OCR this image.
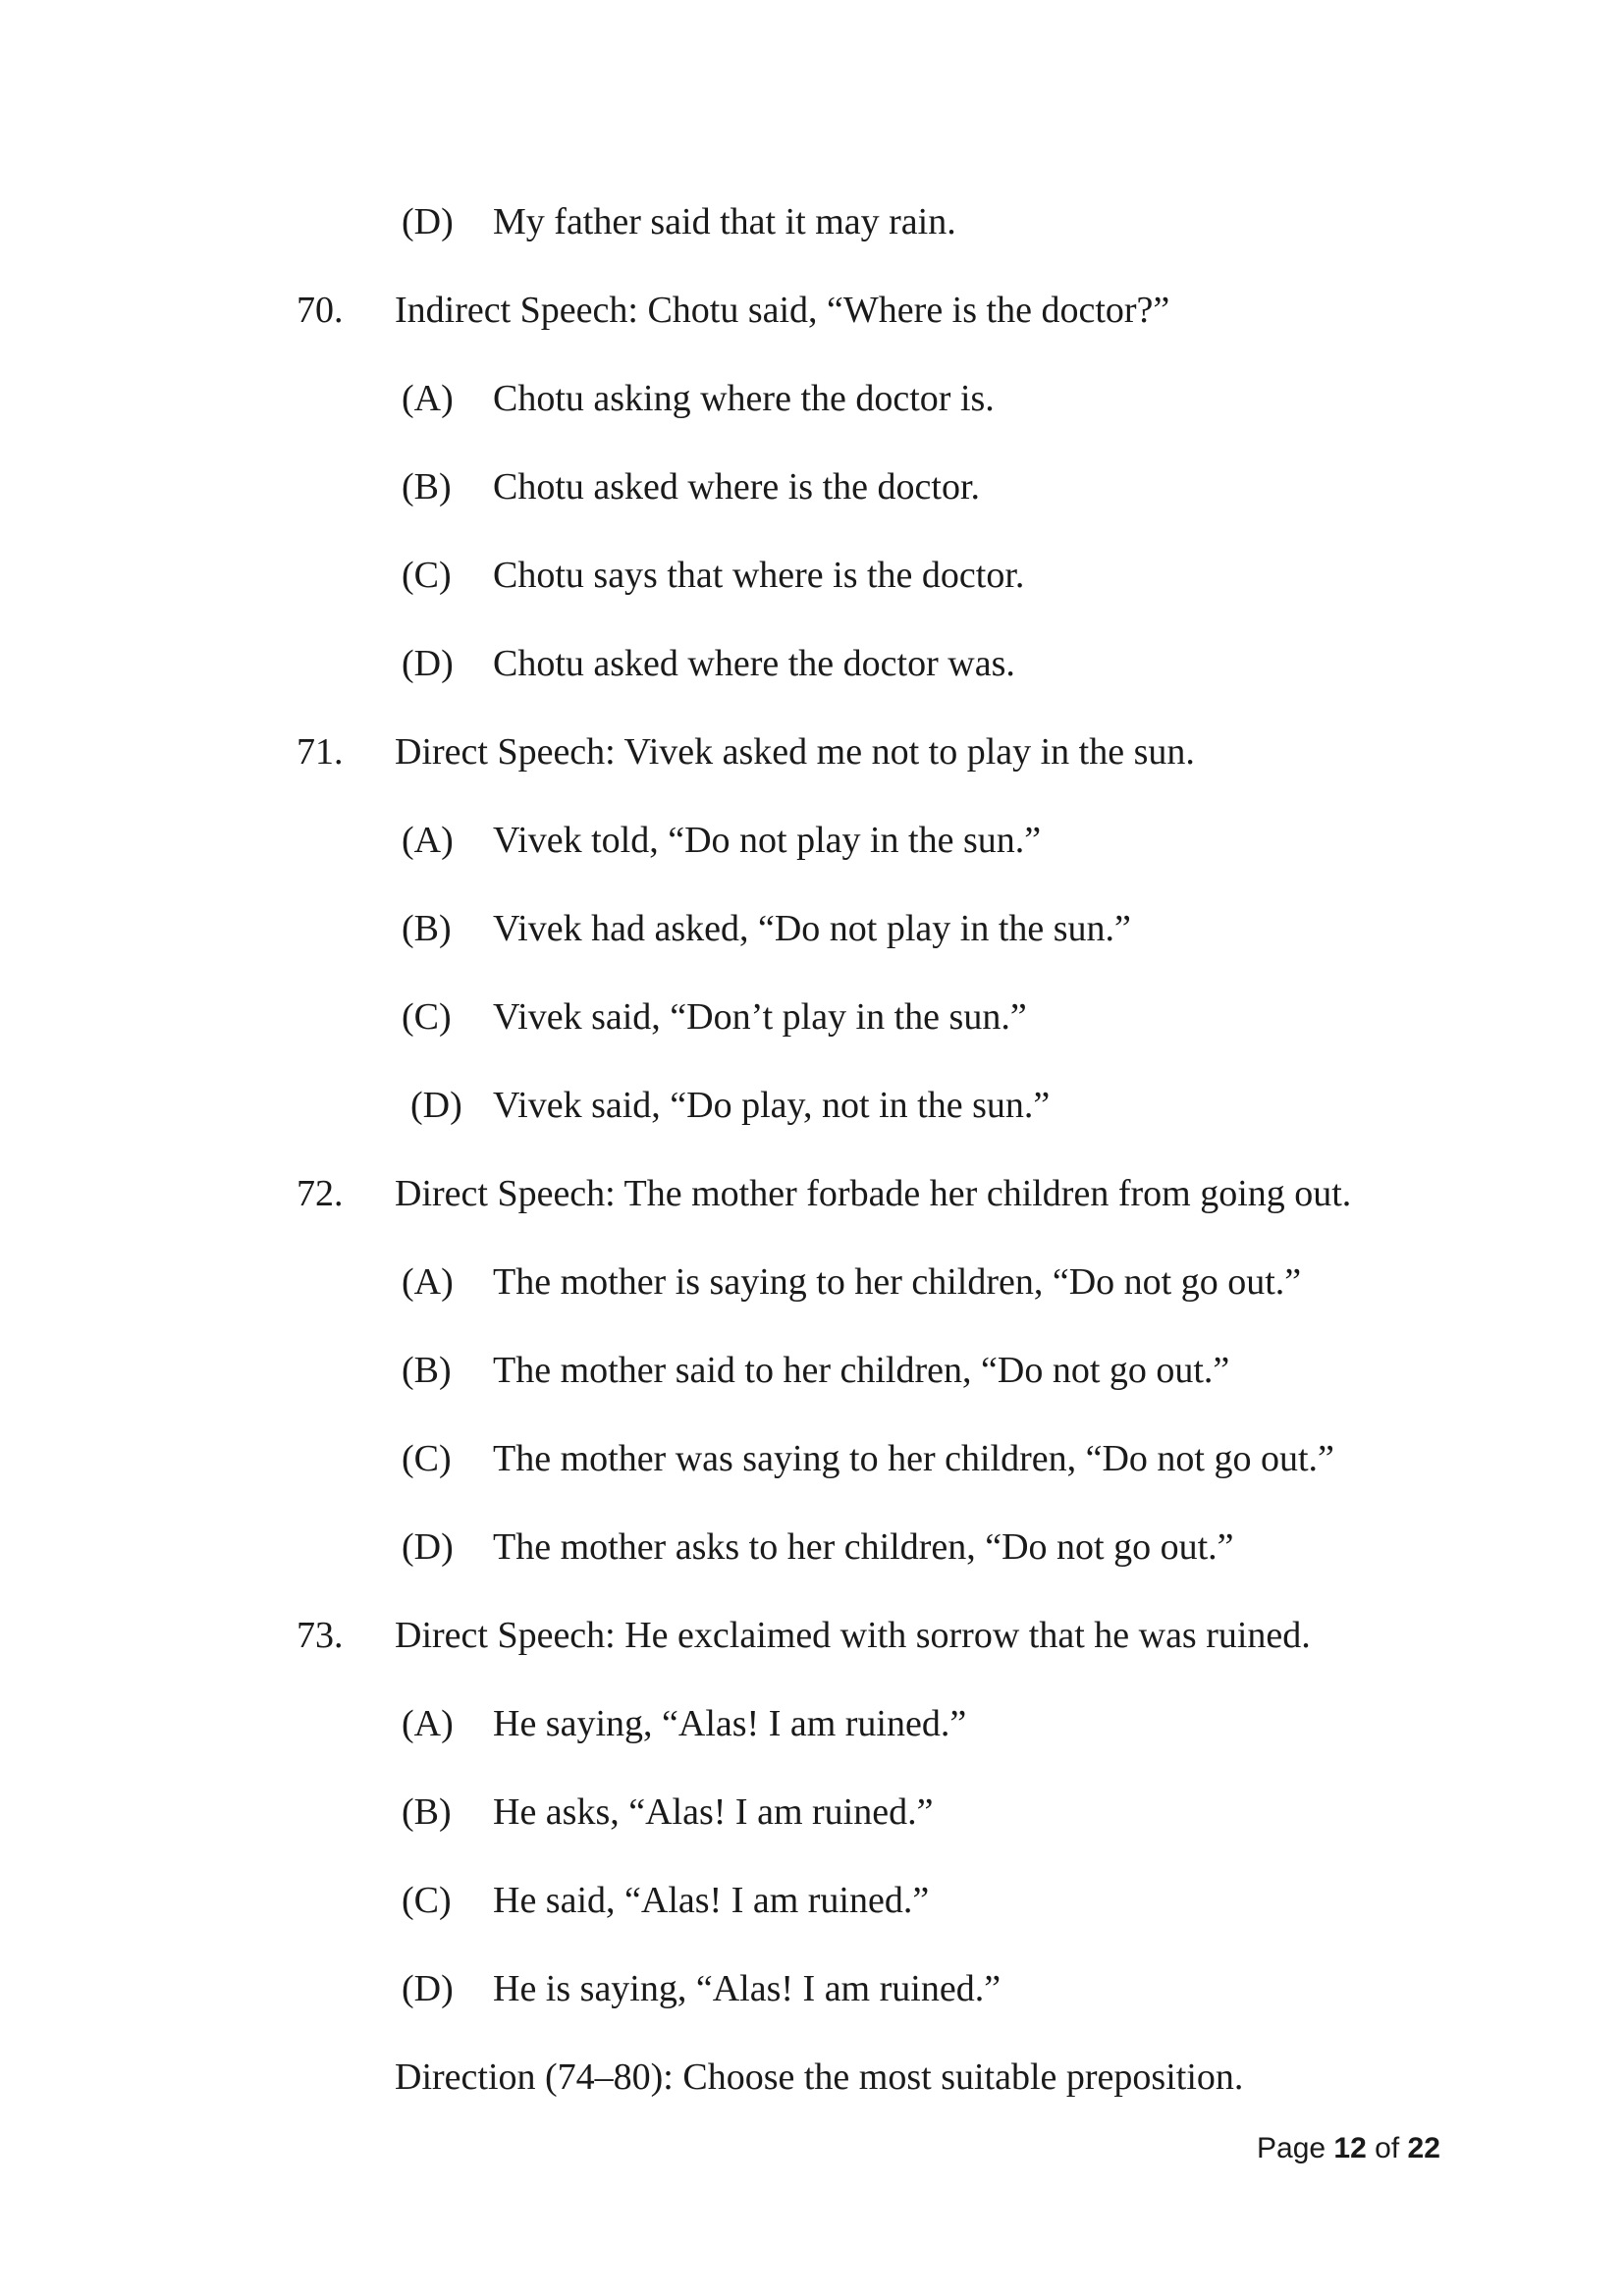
(D) My father said that it may rain.
70. Indirect Speech: Chotu said, “Where is the doctor?”
(A) Chotu asking where the doctor is.
(B) Chotu asked where is the doctor.
(C) Chotu says that where is the doctor.
(D) Chotu asked where the doctor was.
71. Direct Speech: Vivek asked me not to play in the sun.
(A) Vivek told, “Do not play in the sun.”
(B) Vivek had asked, “Do not play in the sun.”
(C) Vivek said, “Don’t play in the sun.”
(D) Vivek said, “Do play, not in the sun.”
72. Direct Speech: The mother forbade her children from going out.
(A) The mother is saying to her children, “Do not go out.”
(B) The mother said to her children, “Do not go out.”
(C) The mother was saying to her children, “Do not go out.”
(D) The mother asks to her children, “Do not go out.”
73. Direct Speech: He exclaimed with sorrow that he was ruined.
(A) He saying, “Alas! I am ruined.”
(B) He asks, “Alas! I am ruined.”
(C) He said, “Alas! I am ruined.”
(D) He is saying, “Alas! I am ruined.”
Direction (74–80): Choose the most suitable preposition.
Page 12 of 22
